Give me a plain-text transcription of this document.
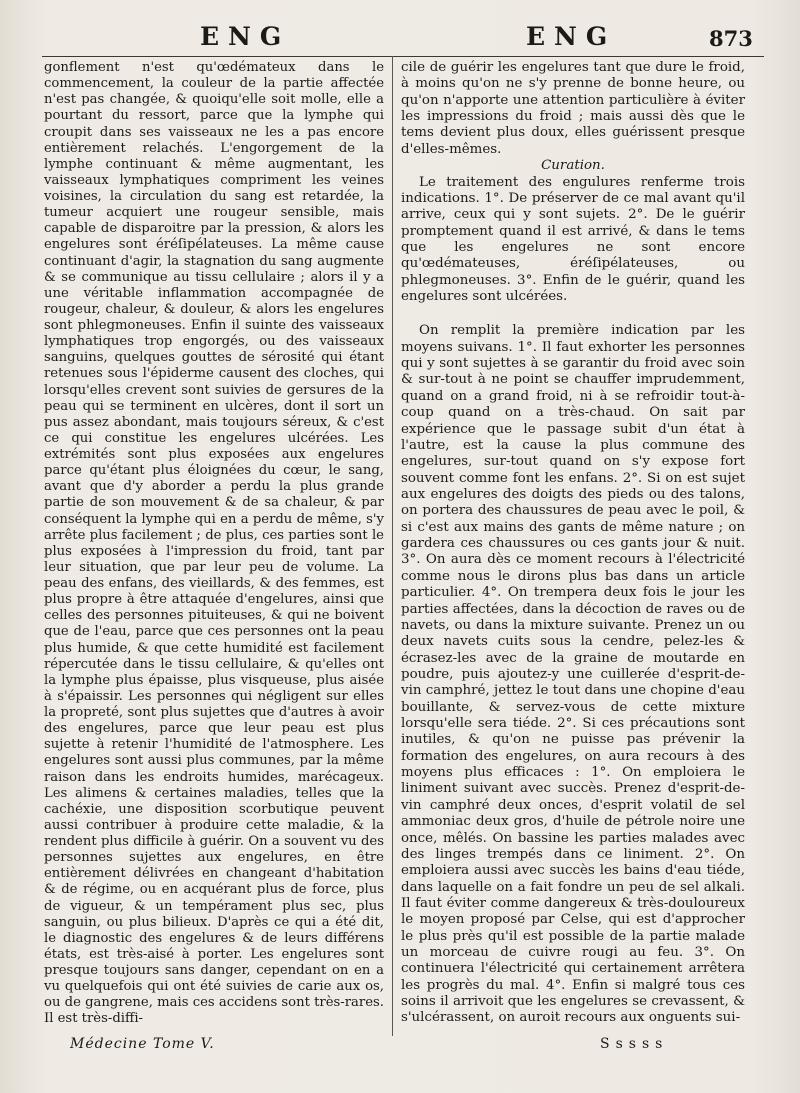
ENG	ENG	873

gonflement n'est qu'œdémateux dans le commencement, la couleur de la partie affectée n'est pas changée, & quoiqu'elle soit molle, elle a pourtant du ressort, parce que la lymphe qui croupit dans ses vaisseaux ne les a pas encore entièrement relachés. L'engorgement de la lymphe continuant & même augmentant, les vaisseaux lymphatiques compriment les veines voisines, la circulation du sang est retardée, la tumeur acquiert une rougeur sensible, mais capable de disparoitre par la pression, & alors les engelures sont éréſipélateuses. La même cause continuant d'agir, la stagnation du sang augmente & se communique au tissu cellulaire ; alors il y a une véritable inflammation accompagnée de rougeur, chaleur, & douleur, & alors les engelures sont phlegmoneuses. Enfin il suinte des vaisseaux lymphatiques trop engorgés, ou des vaisseaux sanguins, quelques gouttes de sérosité qui étant retenues sous l'épiderme causent des cloches, qui lorsqu'elles crevent sont suivies de gersures de la peau qui se terminent en ulcères, dont il sort un pus assez abondant, mais toujours séreux, & c'est ce qui constitue les engelures ulcérées. Les extrémités sont plus exposées aux engelures parce qu'étant plus éloignées du cœur, le sang, avant que d'y aborder a perdu la plus grande partie de son mouvement & de sa chaleur, & par conséquent la lymphe qui en a perdu de même, s'y arrête plus facilement ; de plus, ces parties sont le plus exposées à l'impression du froid, tant par leur situation, que par leur peu de volume. La peau des enfans, des vieillards, & des femmes, est plus propre à être attaquée d'engelures, ainsi que celles des personnes pituiteuses, & qui ne boivent que de l'eau, parce que ces personnes ont la peau plus humide, & que cette humidité est facilement répercutée dans le tissu cellulaire, & qu'elles ont la lymphe plus épaisse, plus visqueuse, plus aisée à s'épaissir. Les personnes qui négligent sur elles la propreté, sont plus sujettes que d'autres à avoir des engelures, parce que leur peau est plus sujette à retenir l'humidité de l'atmosphere. Les engelures sont aussi plus communes, par la même raison dans les endroits humides, marécageux. Les alimens & certaines maladies, telles que la cachéxie, une disposition scorbutique peuvent aussi contribuer à produire cette maladie, & la rendent plus difficile à guérir. On a souvent vu des personnes sujettes aux engelures, en être entièrement délivrées en changeant d'habitation & de régime, ou en acquérant plus de force, plus de vigueur, & un tempérament plus sec, plus sanguin, ou plus bilieux. D'après ce qui a été dit, le diagnostic des engelures & de leurs différens états, est très-aisé à porter. Les engelures sont presque toujours sans danger, cependant on en a vu quelquefois qui ont été suivies de carie aux os, ou de gangrene, mais ces accidens sont très-rares. Il est très-diffi-

cile de guérir les engelures tant que dure le froid, à moins qu'on ne s'y prenne de bonne heure, ou qu'on n'apporte une attention particulière à éviter les impressions du froid ; mais aussi dès que le tems devient plus doux, elles guérissent presque d'elles-mêmes.

Curation.

Le traitement des engulures renferme trois indications. 1°. De préserver de ce mal avant qu'il arrive, ceux qui y sont sujets. 2°. De le guérir promptement quand il est arrivé, & dans le tems que les engelures ne sont encore qu'œdémateuses, éréſipélateuses, ou phlegmoneuses. 3°. Enfin de le guérir, quand les engelures sont ulcérées.

On remplit la première indication par les moyens suivans. 1°. Il faut exhorter les personnes qui y sont sujettes à se garantir du froid avec soin & sur-tout à ne point se chauffer imprudemment, quand on a grand froid, ni à se refroidir tout-à-coup quand on a très-chaud. On sait par expérience que le passage subit d'un état à l'autre, est la cause la plus commune des engelures, sur-tout quand on s'y expose fort souvent comme font les enfans. 2°. Si on est sujet aux engelures des doigts des pieds ou des talons, on portera des chaussures de peau avec le poil, & si c'est aux mains des gants de même nature ; on gardera ces chaussures ou ces gants jour & nuit. 3°. On aura dès ce moment recours à l'électricité comme nous le dirons plus bas dans un article particulier. 4°. On trempera deux fois le jour les parties affectées, dans la décoction de raves ou de navets, ou dans la mixture suivante. Prenez un ou deux navets cuits sous la cendre, pelez-les & écrasez-les avec de la graine de moutarde en poudre, puis ajoutez-y une cuillerée d'esprit-de-vin camphré, jettez le tout dans une chopine d'eau bouillante, & servez-vous de cette mixture lorsqu'elle sera tiéde. 2°. Si ces précautions sont inutiles, & qu'on ne puisse pas prévenir la formation des engelures, on aura recours à des moyens plus efficaces : 1°. On emploiera le liniment suivant avec succès. Prenez d'esprit-de-vin camphré deux onces, d'esprit volatil de sel ammoniac deux gros, d'huile de pétrole noire une once, mêlés. On bassine les parties malades avec des linges trempés dans ce liniment. 2°. On emploiera aussi avec succès les bains d'eau tiéde, dans laquelle on a fait fondre un peu de sel alkali. Il faut éviter comme dangereux & très-douloureux le moyen proposé par Celse, qui est d'approcher le plus près qu'il est possible de la partie malade un morceau de cuivre rougi au feu. 3°. On continuera l'électricité qui certainement arrêtera les progrès du mal. 4°. Enfin si malgré tous ces soins il arrivoit que les engelures se crevassent, & s'ulcérassent, on auroit recours aux onguents sui-

Médecine Tome V.	Sssss
